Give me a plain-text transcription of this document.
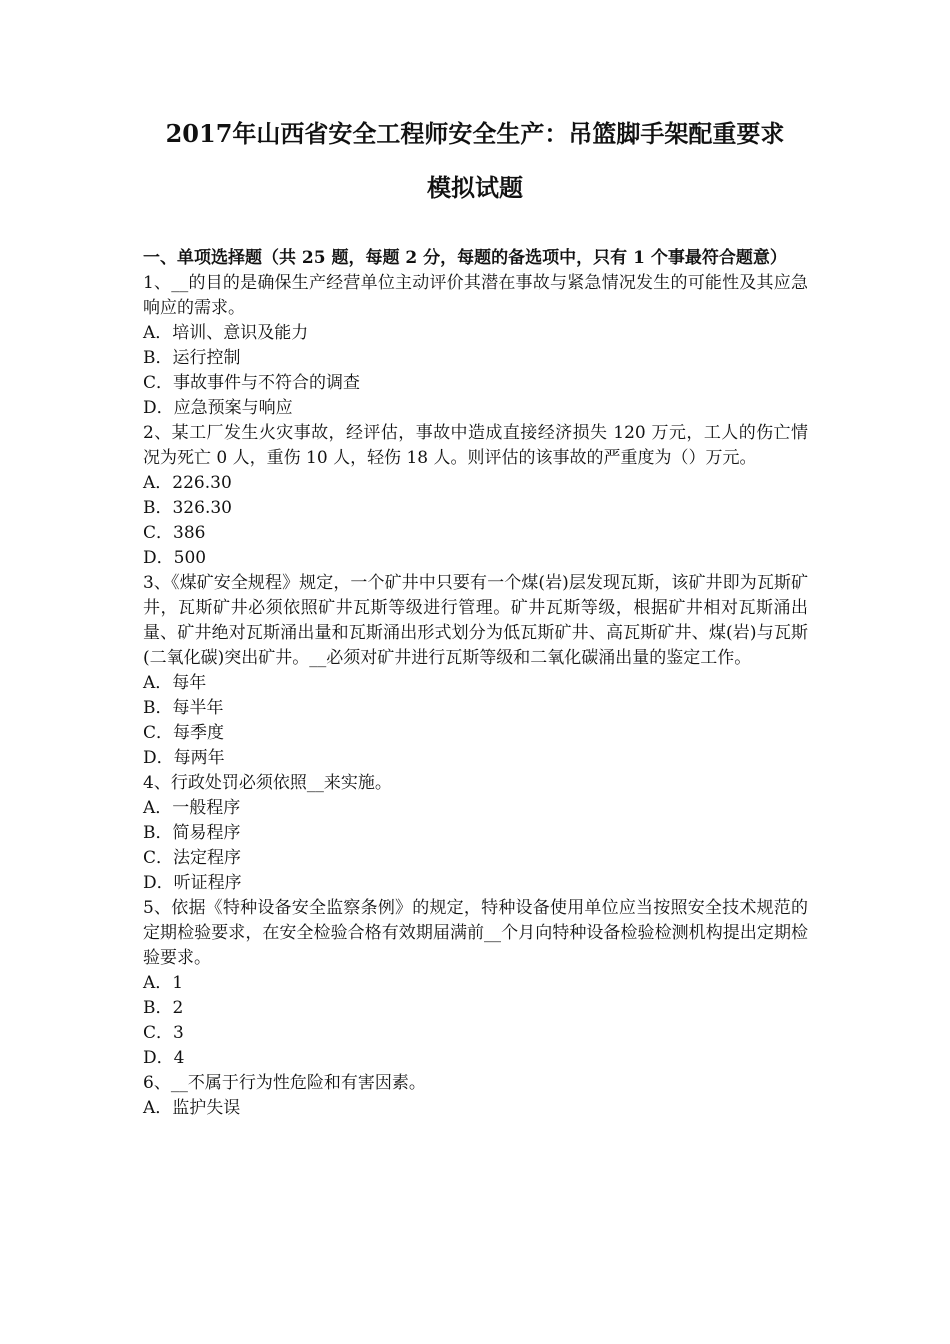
2017年山西省安全工程师安全生产：吊篮脚手架配重要求
模拟试题
一、单项选择题（共 25 题，每题 2 分，每题的备选项中，只有 1 个事最符合题意）

1、__的目的是确保生产经营单位主动评价其潜在事故与紧急情况发生的可能性及其应急响应的需求。

A．培训、意识及能力

B．运行控制

C．事故事件与不符合的调查

D．应急预案与响应

2、某工厂发生火灾事故，经评估，事故中造成直接经济损失 120 万元，工人的伤亡情况为死亡 0 人，重伤 10 人，轻伤 18 人。则评估的该事故的严重度为（）万元。

A．226.30

B．326.30

C．386

D．500

3、《煤矿安全规程》规定，一个矿井中只要有一个煤(岩)层发现瓦斯，该矿井即为瓦斯矿井，瓦斯矿井必须依照矿井瓦斯等级进行管理。矿井瓦斯等级，根据矿井相对瓦斯涌出量、矿井绝对瓦斯涌出量和瓦斯涌出形式划分为低瓦斯矿井、高瓦斯矿井、煤(岩)与瓦斯(二氧化碳)突出矿井。__必须对矿井进行瓦斯等级和二氧化碳涌出量的鉴定工作。

A．每年

B．每半年

C．每季度

D．每两年

4、行政处罚必须依照__来实施。

A．一般程序

B．简易程序

C．法定程序

D．听证程序

5、依据《特种设备安全监察条例》的规定，特种设备使用单位应当按照安全技术规范的定期检验要求，在安全检验合格有效期届满前__个月向特种设备检验检测机构提出定期检验要求。

A．1

B．2

C．3

D．4

6、__不属于行为性危险和有害因素。

A．监护失误
